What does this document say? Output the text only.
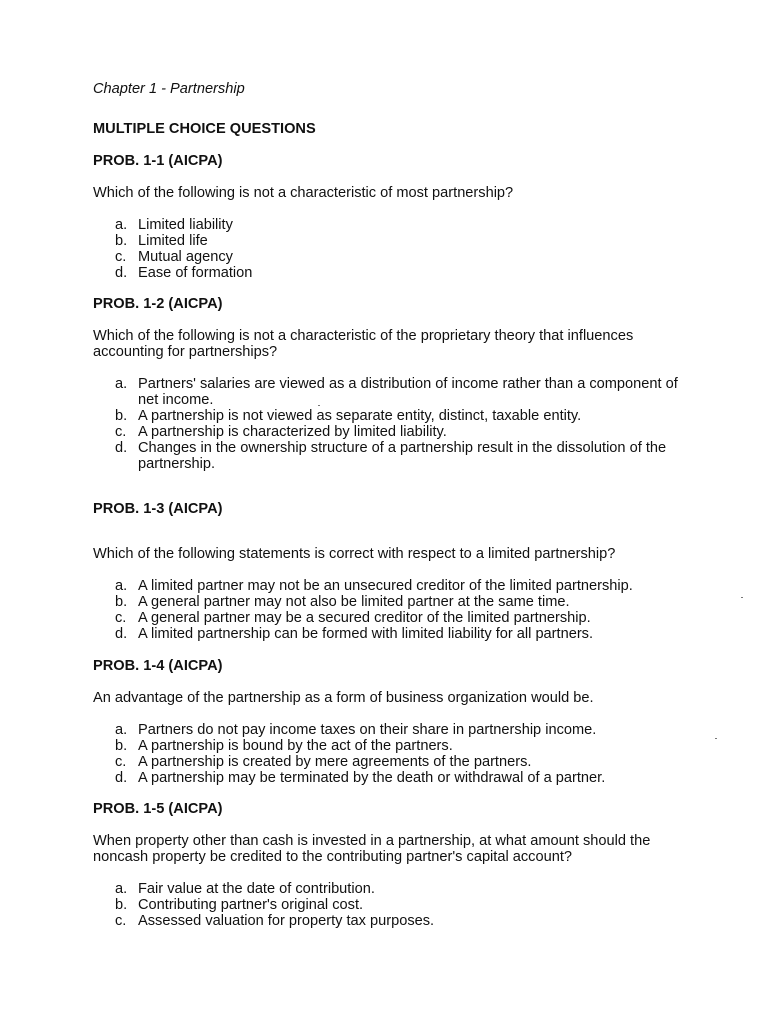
Chapter 1 - Partnership
MULTIPLE CHOICE QUESTIONS

PROB. 1-1 (AICPA)

Which of the following is not a characteristic of most partnership?

a. Limited liability
b. Limited life
c. Mutual agency
d. Ease of formation

PROB. 1-2 (AICPA)

Which of the following is not a characteristic of the proprietary theory that influences accounting for partnerships?

a. Partners' salaries are viewed as a distribution of income rather than a component of net income.
b. A partnership is not viewed as separate entity, distinct, taxable entity.
c. A partnership is characterized by limited liability.
d. Changes in the ownership structure of a partnership result in the dissolution of the partnership.

PROB. 1-3 (AICPA)

Which of the following statements is correct with respect to a limited partnership?

a. A limited partner may not be an unsecured creditor of the limited partnership.
b. A general partner may not also be limited partner at the same time.
c. A general partner may be a secured creditor of the limited partnership.
d. A limited partnership can be formed with limited liability for all partners.

PROB. 1-4 (AICPA)

An advantage of the partnership as a form of business organization would be.

a. Partners do not pay income taxes on their share in partnership income.
b. A partnership is bound by the act of the partners.
c. A partnership is created by mere agreements of the partners.
d. A partnership may be terminated by the death or withdrawal of a partner.

PROB. 1-5 (AICPA)

When property other than cash is invested in a partnership, at what amount should the noncash property be credited to the contributing partner's capital account?

a. Fair value at the date of contribution.
b. Contributing partner's original cost.
c. Assessed valuation for property tax purposes.
